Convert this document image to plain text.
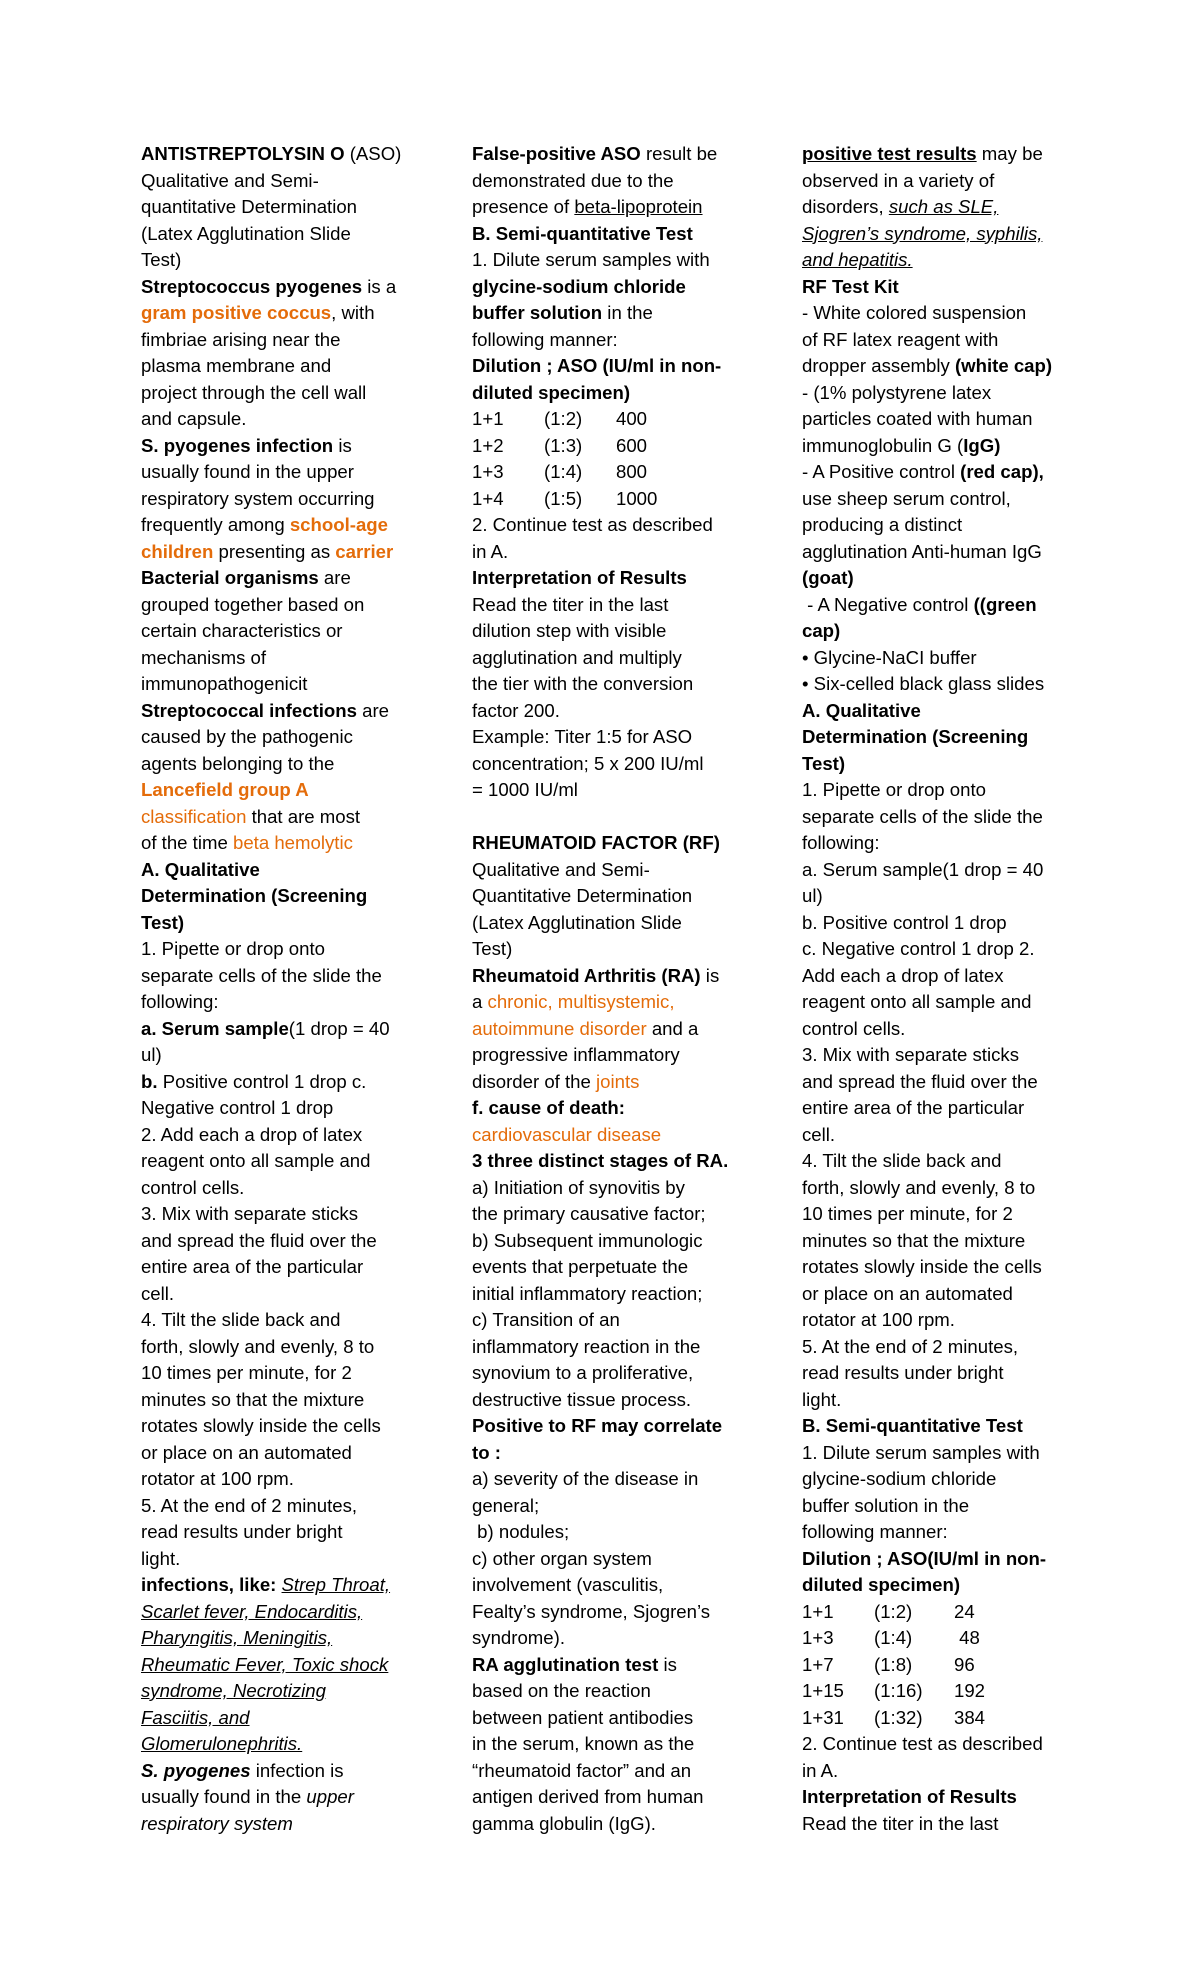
ANTISTREPTOLYSIN O (ASO)
Qualitative and Semi-
quantitative Determination
(Latex Agglutination Slide
Test)
Streptococcus pyogenes is a
gram positive coccus, with
fimbriae arising near the
plasma membrane and
project through the cell wall
and capsule.
S. pyogenes infection is
usually found in the upper
respiratory system occurring
frequently among school-age
children presenting as carrier
Bacterial organisms are
grouped together based on
certain characteristics or
mechanisms of
immunopathogenicit
Streptococcal infections are
caused by the pathogenic
agents belonging to the
Lancefield group A
classification that are most
of the time beta hemolytic
A. Qualitative
Determination (Screening
Test)
1. Pipette or drop onto
separate cells of the slide the
following:
a. Serum sample(1 drop = 40
ul)
b. Positive control 1 drop c.
Negative control 1 drop
2. Add each a drop of latex
reagent onto all sample and
control cells.
3. Mix with separate sticks
and spread the fluid over the
entire area of the particular
cell.
4. Tilt the slide back and
forth, slowly and evenly, 8 to
10 times per minute, for 2
minutes so that the mixture
rotates slowly inside the cells
or place on an automated
rotator at 100 rpm.
5. At the end of 2 minutes,
read results under bright
light.
infections, like: Strep Throat,
Scarlet fever, Endocarditis,
Pharyngitis, Meningitis,
Rheumatic Fever, Toxic shock
syndrome, Necrotizing
Fasciitis, and
Glomerulonephritis.
S. pyogenes infection is
usually found in the upper
respiratory system
False-positive ASO result be
demonstrated due to the
presence of beta-lipoprotein
B. Semi-quantitative Test
1. Dilute serum samples with
glycine-sodium chloride
buffer solution in the
following manner:
Dilution ; ASO (IU/ml in non-
diluted specimen)
1+1 (1:2) 400
1+2 (1:3) 600
1+3 (1:4) 800
1+4 (1:5) 1000
2. Continue test as described
in A.
Interpretation of Results
Read the titer in the last
dilution step with visible
agglutination and multiply
the tier with the conversion
factor 200.
Example: Titer 1:5 for ASO
concentration; 5 x 200 IU/ml
= 1000 IU/ml
RHEUMATOID FACTOR (RF)
Qualitative and Semi-
Quantitative Determination
(Latex Agglutination Slide
Test)
Rheumatoid Arthritis (RA) is
a chronic, multisystemic,
autoimmune disorder and a
progressive inflammatory
disorder of the joints
f. cause of death:
cardiovascular disease
3 three distinct stages of RA.
a) Initiation of synovitis by
the primary causative factor;
b) Subsequent immunologic
events that perpetuate the
initial inflammatory reaction;
c) Transition of an
inflammatory reaction in the
synovium to a proliferative,
destructive tissue process.
Positive to RF may correlate
to :
a) severity of the disease in
general;
b) nodules;
c) other organ system
involvement (vasculitis,
Fealty’s syndrome, Sjogren’s
syndrome).
RA agglutination test is
based on the reaction
between patient antibodies
in the serum, known as the
“rheumatoid factor” and an
antigen derived from human
gamma globulin (IgG).
positive test results may be
observed in a variety of
disorders, such as SLE,
Sjogren’s syndrome, syphilis,
and hepatitis.
RF Test Kit
- White colored suspension
of RF latex reagent with
dropper assembly (white cap)
- (1% polystyrene latex
particles coated with human
immunoglobulin G (IgG)
- A Positive control (red cap),
use sheep serum control,
producing a distinct
agglutination Anti-human IgG
(goat)
- A Negative control ((green
cap)
• Glycine-NaCI buffer
• Six-celled black glass slides
A. Qualitative
Determination (Screening
Test)
1. Pipette or drop onto
separate cells of the slide the
following:
a. Serum sample(1 drop = 40
ul)
b. Positive control 1 drop
c. Negative control 1 drop 2.
Add each a drop of latex
reagent onto all sample and
control cells.
3. Mix with separate sticks
and spread the fluid over the
entire area of the particular
cell.
4. Tilt the slide back and
forth, slowly and evenly, 8 to
10 times per minute, for 2
minutes so that the mixture
rotates slowly inside the cells
or place on an automated
rotator at 100 rpm.
5. At the end of 2 minutes,
read results under bright
light.
B. Semi-quantitative Test
1. Dilute serum samples with
glycine-sodium chloride
buffer solution in the
following manner:
Dilution ; ASO(IU/ml in non-
diluted specimen)
1+1 (1:2) 24
1+3 (1:4) 48
1+7 (1:8) 96
1+15 (1:16) 192
1+31 (1:32) 384
2. Continue test as described
in A.
Interpretation of Results
Read the titer in the last
